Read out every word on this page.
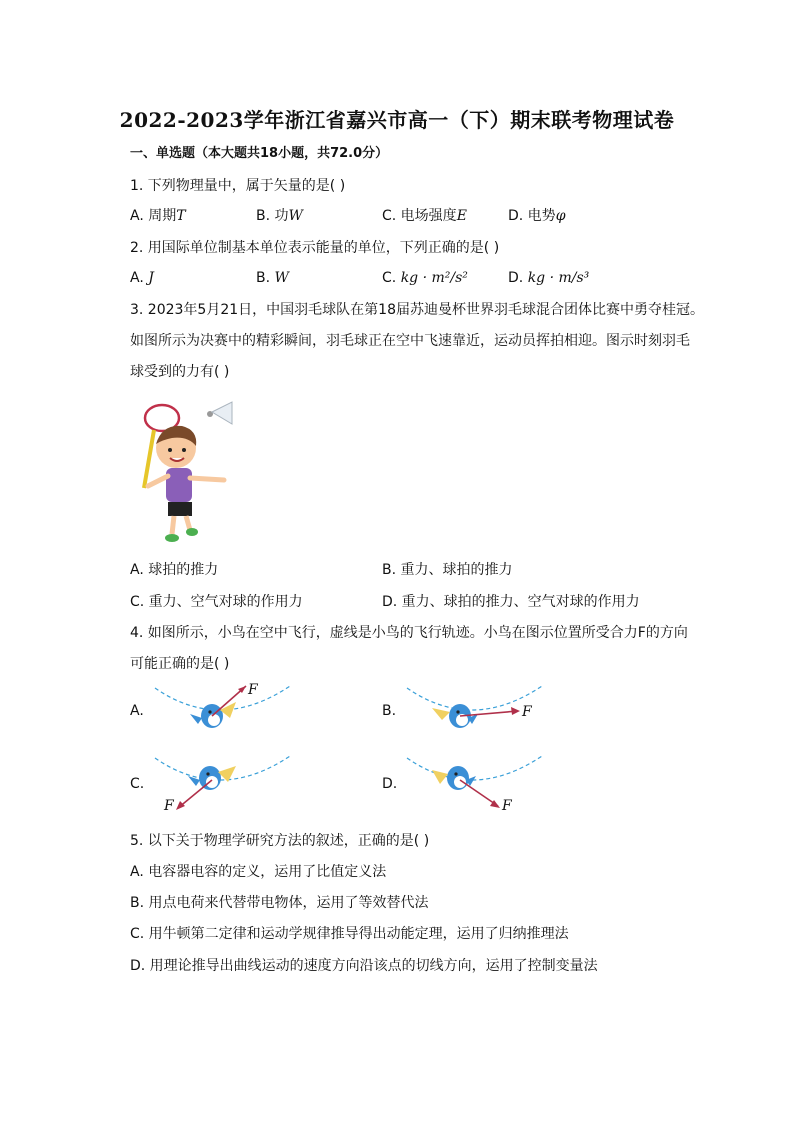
2022-2023学年浙江省嘉兴市高一（下）期末联考物理试卷
一、单选题（本大题共18小题，共72.0分）
1. 下列物理量中，属于矢量的是( )
A. 周期T	B. 功W	C. 电场强度E	D. 电势φ
2. 用国际单位制基本单位表示能量的单位，下列正确的是( )
A. J	B. W	C. kg · m²/s²	D. kg · m/s³
3. 2023年5月21日，中国羽毛球队在第18届苏迪曼杯世界羽毛球混合团体比赛中勇夺桂冠。
如图所示为决赛中的精彩瞬间，羽毛球正在空中飞速靠近，运动员挥拍相迎。图示时刻羽毛
球受到的力有( )
A. 球拍的推力	B. 重力、球拍的推力
C. 重力、空气对球的作用力	D. 重力、球拍的推力、空气对球的作用力
4. 如图所示，小鸟在空中飞行，虚线是小鸟的飞行轨迹。小鸟在图示位置所受合力F的方向
可能正确的是( )
A.
F
B.	F
C.
F
D.
F
5. 以下关于物理学研究方法的叙述，正确的是( )
A. 电容器电容的定义，运用了比值定义法
B. 用点电荷来代替带电物体，运用了等效替代法
C. 用牛顿第二定律和运动学规律推导得出动能定理，运用了归纳推理法
D. 用理论推导出曲线运动的速度方向沿该点的切线方向，运用了控制变量法
